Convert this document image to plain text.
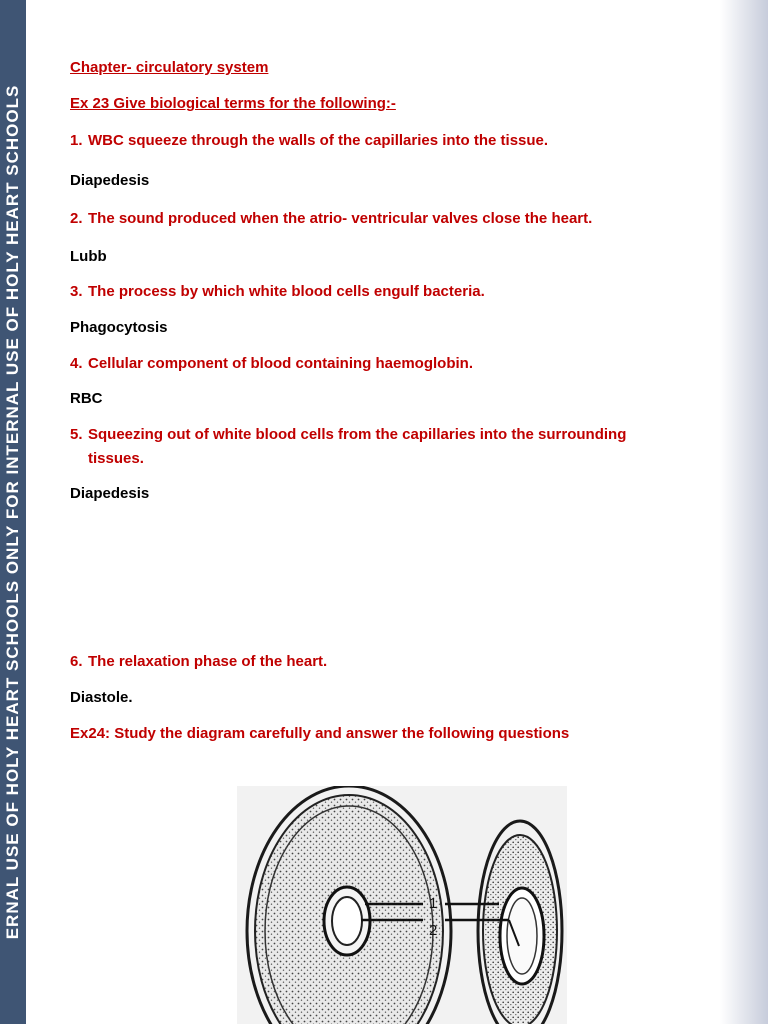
ERNAL USE OF HOLY HEART SCHOOLS ONLY FOR INTERNAL USE OF HOLY HEART SCHOOLS
Chapter- circulatory system
Ex 23 Give biological terms for the following:-
1. WBC squeeze through the walls of the capillaries into the tissue.
Diapedesis
2. The sound produced when the atrio- ventricular valves close the heart.
Lubb
3. The process by which white blood cells engulf bacteria.
Phagocytosis
4. Cellular component of blood containing haemoglobin.
RBC
5. Squeezing out of white blood cells from the capillaries into the surrounding
tissues.
Diapedesis
6. The relaxation phase of the heart.
Diastole.
Ex24: Study the diagram carefully and answer the following questions
1
2
